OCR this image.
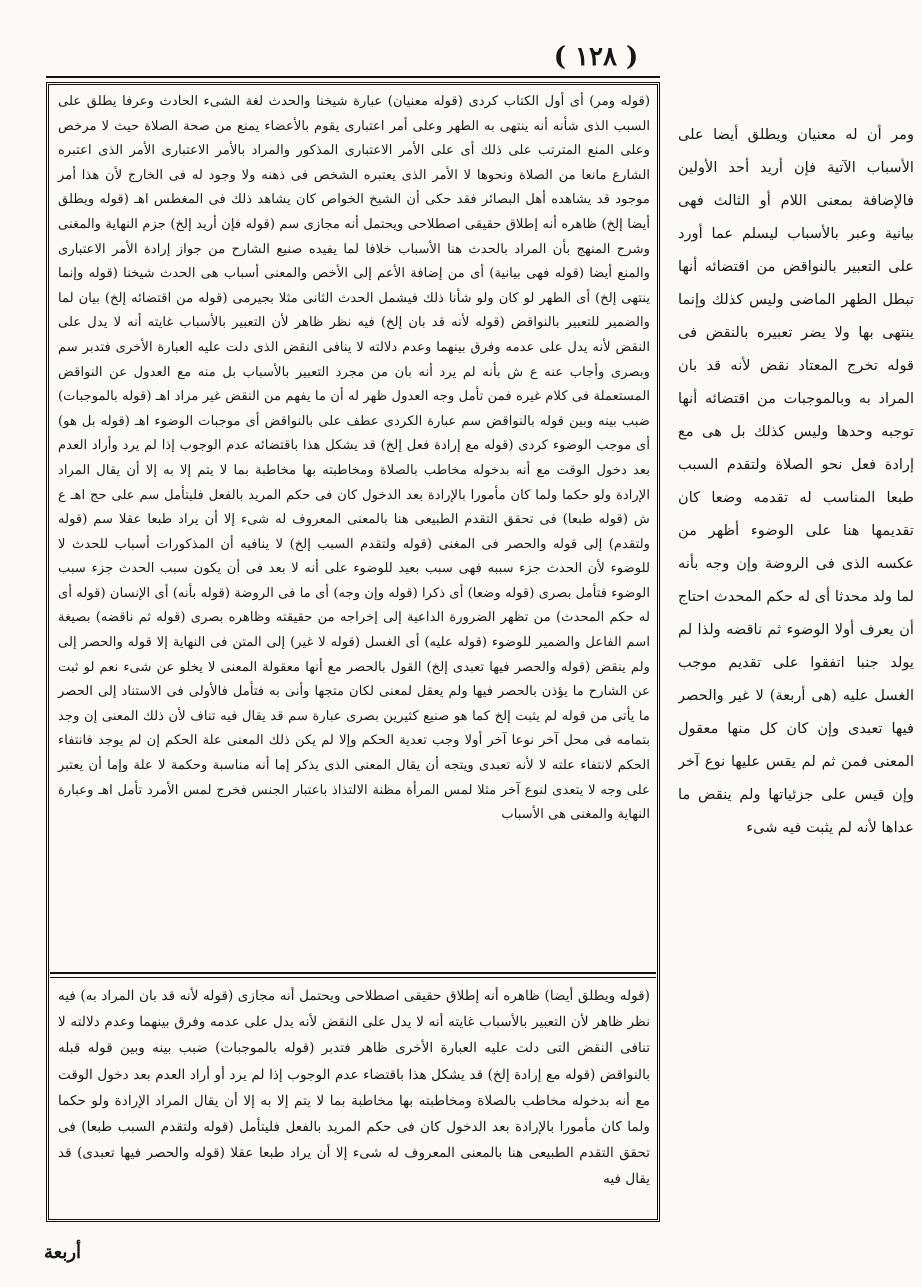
( ١٢٨ )
(قوله ومر) أى أول الكتاب كردى (قوله معنيان) عبارة شيخنا والحدث لغة الشىء الحادث وعرفا يطلق على السبب الذى شأنه أنه ينتهى به الطهر وعلى أمر اعتبارى يقوم بالأعضاء يمنع من صحة الصلاة حيث لا مرخص وعلى المنع المترتب على ذلك أى على الأمر الاعتبارى المذكور والمراد بالأمر الاعتبارى الأمر الذى اعتبره الشارع مانعا من الصلاة ونحوها لا الأمر الذى يعتبره الشخص فى ذهنه ولا وجود له فى الخارج لأن هذا أمر موجود قد يشاهده أهل البصائر فقد حكى أن الشيخ الخواص كان يشاهد ذلك فى المغطس اهـ (قوله ويطلق أيضا إلخ) ظاهره أنه إطلاق حقيقى اصطلاحى ويحتمل أنه مجازى سم (قوله فإن أريد إلخ) جزم النهاية والمغنى وشرح المنهج بأن المراد بالحدث هنا الأسباب خلافا لما يفيده صنيع الشارح من جواز إرادة الأمر الاعتبارى والمنع أيضا (قوله فهى بيانية) أى من إضافة الأعم إلى الأخص والمعنى أسباب هى الحدث شيخنا (قوله وإنما ينتهى إلخ) أى الطهر لو كان ولو شأنا ذلك فيشمل الحدث الثانى مثلا بجيرمى (قوله من اقتضائه إلخ) بيان لما والضمير للتعبير بالنواقض (قوله لأنه قد بان إلخ) فيه نظر ظاهر لأن التعبير بالأسباب غايته أنه لا يدل على النقض لأنه يدل على عدمه وفرق بينهما وعدم دلالته لا ينافى النقض الذى دلت عليه العبارة الأخرى فتدبر سم وبصرى وأجاب عنه ع ش بأنه لم يرد أنه بان من مجرد التعبير بالأسباب بل منه مع العدول عن النواقض المستعملة فى كلام غيره فمن تأمل وجه العدول ظهر له أن ما يفهم من النقض غير مراد اهـ (قوله بالموجبات) ضبب بينه وبين قوله بالنواقض سم عبارة الكردى عطف على بالنواقض أى موجبات الوضوء اهـ (قوله بل هو) أى موجب الوضوء كردى (قوله مع إرادة فعل إلخ) قد يشكل هذا باقتضائه عدم الوجوب إذا لم يرد وأراد العدم بعد دخول الوقت مع أنه بدخوله مخاطب بالصلاة ومخاطبته بها مخاطبة بما لا يتم إلا به إلا أن يقال المراد الإرادة ولو حكما ولما كان مأمورا بالإرادة بعد الدخول كان فى حكم المريد بالفعل فليتأمل سم على حج اهـ ع ش (قوله طبعا) فى تحقق التقدم الطبيعى هنا بالمعنى المعروف له شىء إلا أن يراد طبعا عقلا سم (قوله ولتقدم) إلى قوله والحصر فى المغنى (قوله ولتقدم السبب إلخ) لا ينافيه أن المذكورات أسباب للحدث لا للوضوء لأن الحدث جزء سببه فهى سبب بعيد للوضوء على أنه لا بعد فى أن يكون سبب الحدث جزء سبب الوضوء فتأمل بصرى (قوله وضعا) أى ذكرا (قوله وإن وجه) أى ما فى الروضة (قوله بأنه) أى الإنسان (قوله أى له حكم المحدث) من تظهر الضرورة الداعية إلى إخراجه من حقيقته وظاهره بصرى (قوله ثم ناقضه) بصيغة اسم الفاعل والضمير للوضوء (قوله عليه) أى الغسل (قوله لا غير) إلى المتن فى النهاية إلا قوله والحصر إلى ولم ينقض (قوله والحصر فيها تعبدى إلخ) القول بالحصر مع أنها معقولة المعنى لا يخلو عن شىء نعم لو ثبت عن الشارح ما يؤذن بالحصر فيها ولم يعقل لمعنى لكان متجها وأنى به فتأمل فالأولى فى الاستناد إلى الحصر ما يأتى من قوله لم يثبت إلخ كما هو صنيع كثيرين بصرى عبارة سم قد يقال فيه تناف لأن ذلك المعنى إن وجد بتمامه فى محل آخر نوعا آخر أولا وجب تعدية الحكم وإلا لم يكن ذلك المعنى علة الحكم إن لم يوجد فانتفاء الحكم لانتفاء علته لا لأنه تعبدى ويتجه أن يقال المعنى الذى يذكر إما أنه مناسبة وحكمة لا علة وإما أن يعتبر على وجه لا يتعدى لنوع آخر مثلا لمس المرأة مظنة الالتذاذ باعتبار الجنس فخرج لمس الأمرد تأمل اهـ وعبارة النهاية والمغنى هى الأسباب
(قوله ويطلق أيضا) ظاهره أنه إطلاق حقيقى اصطلاحى ويحتمل أنه مجازى (قوله لأنه قد بان المراد به) فيه نظر ظاهر لأن التعبير بالأسباب غايته أنه لا يدل على النقض لأنه يدل على عدمه وفرق بينهما وعدم دلالته لا تنافى النقض التى دلت عليه العبارة الأخرى ظاهر فتدبر (قوله بالموجبات) ضبب بينه وبين قوله قبله بالنواقض (قوله مع إرادة إلخ) قد يشكل هذا باقتضاء عدم الوجوب إذا لم يرد أو أراد العدم بعد دخول الوقت مع أنه بدخوله مخاطب بالصلاة ومخاطبته بها مخاطبة بما لا يتم إلا به إلا أن يقال المراد الإرادة ولو حكما ولما كان مأمورا بالإرادة بعد الدخول كان فى حكم المريد بالفعل فليتأمل (قوله ولتقدم السبب طبعا) فى تحقق التقدم الطبيعى هنا بالمعنى المعروف له شىء إلا أن يراد طبعا عقلا (قوله والحصر فيها تعبدى) قد يقال فيه
ومر أن له معنيان ويطلق أيضا على الأسباب الآتية فإن أريد أحد الأولين فالإضافة بمعنى اللام أو الثالث فهى بيانية وعبر بالأسباب ليسلم عما أورد على التعبير بالنواقض من اقتضائه أنها تبطل الطهر الماضى وليس كذلك وإنما ينتهى بها ولا يضر تعبيره بالنقض فى قوله تخرج المعتاد نقض لأنه قد بان المراد به وبالموجبات من اقتضائه أنها توجبه وحدها وليس كذلك بل هى مع إرادة فعل نحو الصلاة ولتقدم السبب طبعا المناسب له تقدمه وضعا كان تقديمها هنا على الوضوء أظهر من عكسه الذى فى الروضة وإن وجه بأنه لما ولد محدثا أى له حكم المحدث احتاج أن يعرف أولا الوضوء ثم ناقضه ولذا لم يولد جنبا اتفقوا على تقديم موجب الغسل عليه (هى أربعة) لا غير والحصر فيها تعبدى وإن كان كل منها معقول المعنى فمن ثم لم يقس عليها نوع آخر وإن قيس على جزئياتها ولم ينقض ما عداها لأنه لم يثبت فيه شىء
أربعة
